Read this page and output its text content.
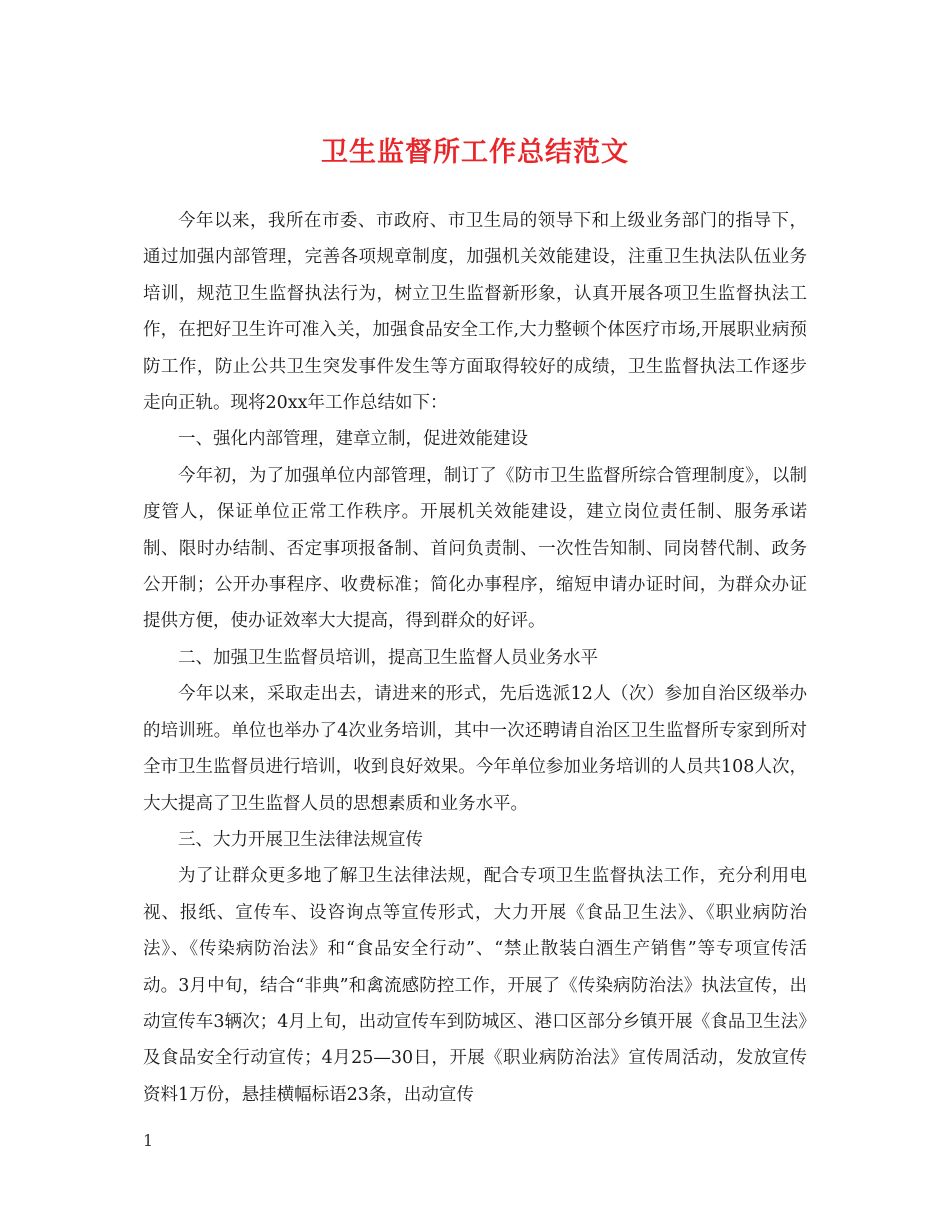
卫生监督所工作总结范文

今年以来，我所在市委、市政府、市卫生局的领导下和上级业务部门的指导下，通过加强内部管理，完善各项规章制度，加强机关效能建设，注重卫生执法队伍业务培训，规范卫生监督执法行为，树立卫生监督新形象，认真开展各项卫生监督执法工作，在把好卫生许可准入关，加强食品安全工作,大力整顿个体医疗市场,开展职业病预防工作，防止公共卫生突发事件发生等方面取得较好的成绩，卫生监督执法工作逐步走向正轨。现将20xx年工作总结如下：

一、强化内部管理，建章立制，促进效能建设

今年初，为了加强单位内部管理，制订了《防市卫生监督所综合管理制度》，以制度管人，保证单位正常工作秩序。开展机关效能建设，建立岗位责任制、服务承诺制、限时办结制、否定事项报备制、首问负责制、一次性告知制、同岗替代制、政务公开制；公开办事程序、收费标准；简化办事程序，缩短申请办证时间，为群众办证提供方便，使办证效率大大提高，得到群众的好评。

二、加强卫生监督员培训，提高卫生监督人员业务水平

今年以来，采取走出去，请进来的形式，先后选派12人（次）参加自治区级举办的培训班。单位也举办了4次业务培训，其中一次还聘请自治区卫生监督所专家到所对全市卫生监督员进行培训，收到良好效果。今年单位参加业务培训的人员共108人次，大大提高了卫生监督人员的思想素质和业务水平。

三、大力开展卫生法律法规宣传

为了让群众更多地了解卫生法律法规，配合专项卫生监督执法工作，充分利用电视、报纸、宣传车、设咨询点等宣传形式，大力开展《食品卫生法》、《职业病防治法》、《传染病防治法》和“食品安全行动”、“禁止散装白酒生产销售”等专项宣传活动。3月中旬，结合“非典”和禽流感防控工作，开展了《传染病防治法》执法宣传，出动宣传车3辆次；4月上旬，出动宣传车到防城区、港口区部分乡镇开展《食品卫生法》及食品安全行动宣传；4月25—30日，开展《职业病防治法》宣传周活动，发放宣传资料1万份，悬挂横幅标语23条，出动宣传

1
